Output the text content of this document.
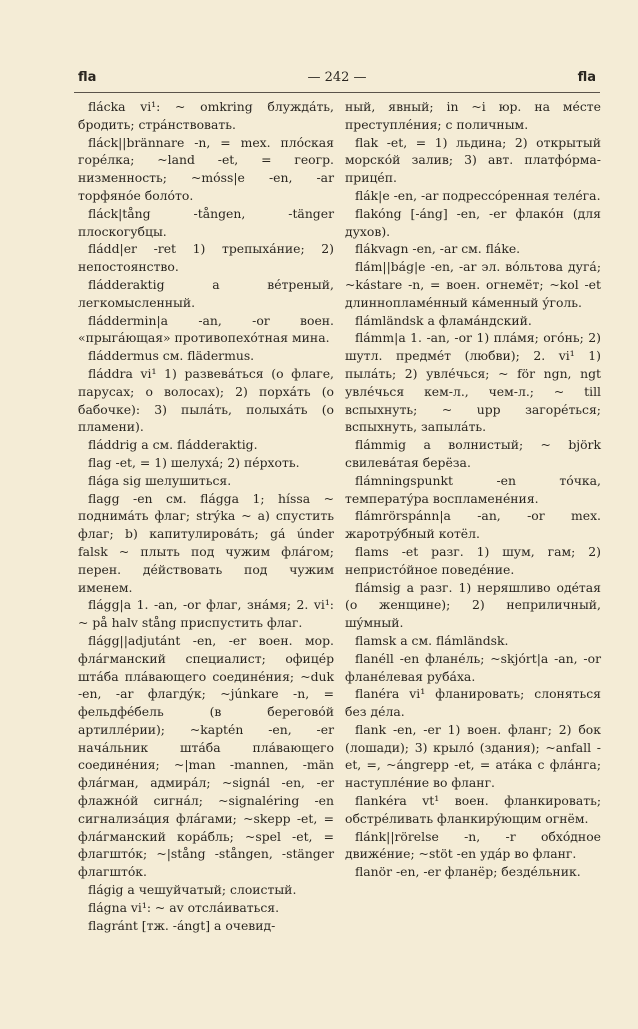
fla	— 242 —	fla

flácka vi¹: ~ omkring блуждáть, бродить; стрáнствовать.

fláck||brännare -n, = mex. плóская горéлка; ~land -et, = геогр. низменность; ~móss|e -en, -ar торфянóе болóто.

fláck|tång -tången, -tänger плоскогубцы.

fládd|er -ret 1) трепыхáние; 2) непостоянство.

fládderaktig a вéтреный, легкомысленный.

fláddermin|a -an, -or воен. «прыгáющая» противопехóтная мина.

fláddermus см. flädermus.

fláddra vi¹ 1) развевáться (о флаге, парусах; о волосах); 2) порхáть (о бабочке): 3) пылáть, полыхáть (о пламени).

fláddrig a см. fládderaktig.

flag -et, = 1) шелухá; 2) пéрхоть.

flága sig шелушиться.

flagg -en см. flágga 1; híssa ~ поднимáть флаг; strýka ~ а) спустить флаг; b) капитулировáть; gá únder falsk ~ плыть под чужим флáгом; перен. дéйствовать под чужим именем.

flágg|a 1. -an, -or флаг, знáмя; 2. vi¹: ~ på halv stång приспустить флаг.

flágg||adjutánt -en, -er воен. мор. флáгманский специалист; офицéр штáба плáвающего соединéния; ~duk -en, -ar флагдýк; ~júnkare -n, = фельдфéбель (в береговóй артиллéрии); ~kaptén -en, -er начáльник штáба плáвающего соединéния; ~|man -mannen, -män флáгман, адмирáл; ~signál -en, -er флажнóй сигнáл; ~signaléring -en сигнализáция флáгами; ~skepp -et, = флáгманский корáбль; ~spel -et, = флагштóк; ~|stång -stången, -stänger флагштóк.

flágig a чешуйчатый; слоистый.

flágna vi¹: ~ av отслáиваться.

flagránt [тж. -ángt] a очевид-

ный, явный; in ~i юр. на мéсте преступлéния; с поличным.

flak -et, = 1) льдина; 2) открытый морскóй залив; 3) авт. платфóрма-прицéп.

flák|e -en, -ar подрессóренная телéга.

flakóng [-áng] -en, -er флакóн (для духов).

flákvagn -en, -ar см. fláke.

flám||bág|e -en, -ar эл. вóльтова дугá; ~kástare -n, = воен. огнемёт; ~kol -et длиннопламéнный кáменный ýголь.

flámländsk a фламáндский.

flámm|a 1. -an, -or 1) плáмя; огóнь; 2) шутл. предмéт (любви); 2. vi¹ 1) пылáть; 2) увлéчься; ~ för ngn, ngt увлéчься кем-л., чем-л.; ~ till вспыхнуть; ~ upp загорéться; вспыхнуть, запылáть.

flámmig a волнистый; ~ björk свилевáтая берёза.

flámningspunkt -en тóчка, температýра воспламенéния.

flámrörspánn|a -an, -or mex. жаротрýбный котёл.

flams -et разг. 1) шум, гам; 2) непристóйное поведéние.

flámsig a разг. 1) неряшливо одéтая (о женщине); 2) неприличный, шýмный.

flamsk a см. flámländsk.

flanéll -en фланéль; ~skjórt|a -an, -or фланéлевая рубáха.

flanéra vi¹ фланировать; слоняться без дéла.

flank -en, -er 1) воен. фланг; 2) бок (лошади); 3) крылó (здания); ~anfall -et, =, ~ángrepp -et, = атáка с флáнга; наступлéние во фланг.

flankéra vt¹ воен. фланкировать; обстрéливать фланкирýющим огнём.

flánk||rörelse -n, -r обхóдное движéние; ~stöt -en удáр во фланг.

flanör -en, -er фланёр; бездéльник.
